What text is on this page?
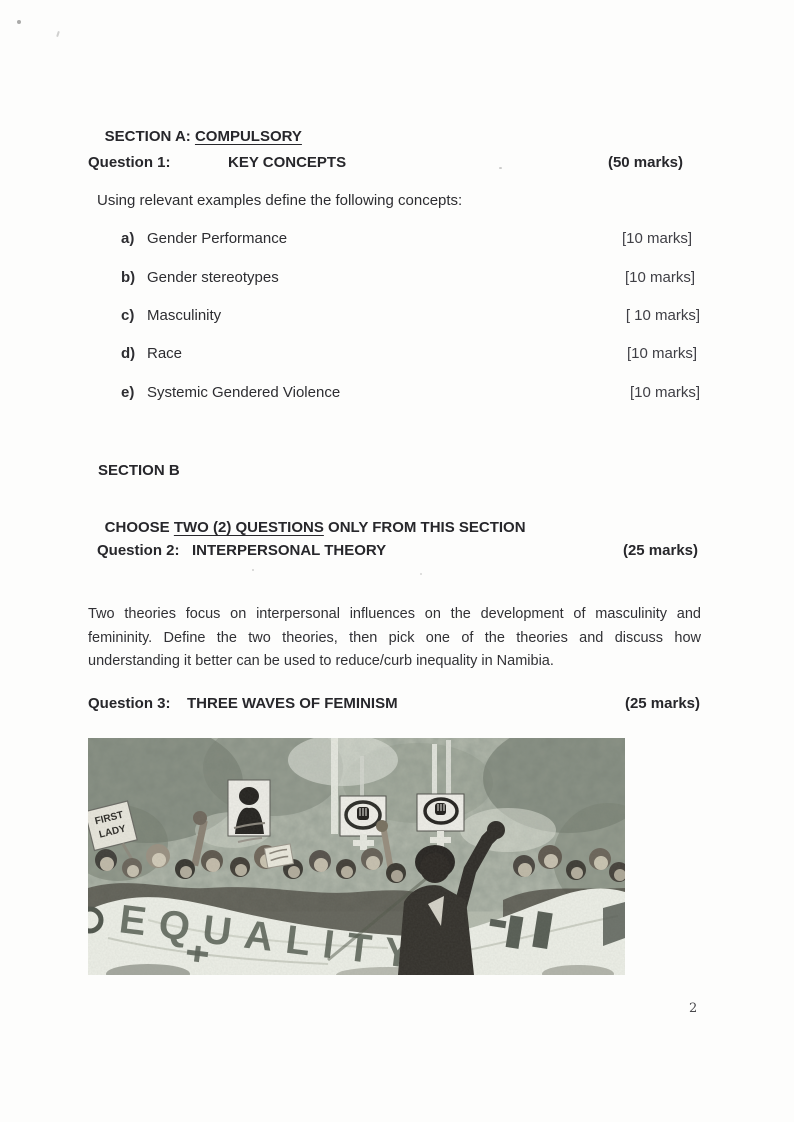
SECTION A: COMPULSORY

Question 1:	KEY CONCEPTS	(50 marks)
Using relevant examples define the following concepts:
a) Gender Performance	[10 marks]
b) Gender stereotypes	[10 marks]
c) Masculinity	[ 10 marks]
d) Race	[10 marks]
e) Systemic Gendered Violence	[10 marks]
SECTION B

CHOOSE TWO (2) QUESTIONS ONLY FROM THIS SECTION

Question 2: INTERPERSONAL THEORY	(25 marks)
Two theories focus on interpersonal influences on the development of masculinity and femininity. Define the two theories, then pick one of the theories and discuss how understanding it better can be used to reduce/curb inequality in Namibia.
Question 3: THREE WAVES OF FEMINISM	(25 marks)
2
